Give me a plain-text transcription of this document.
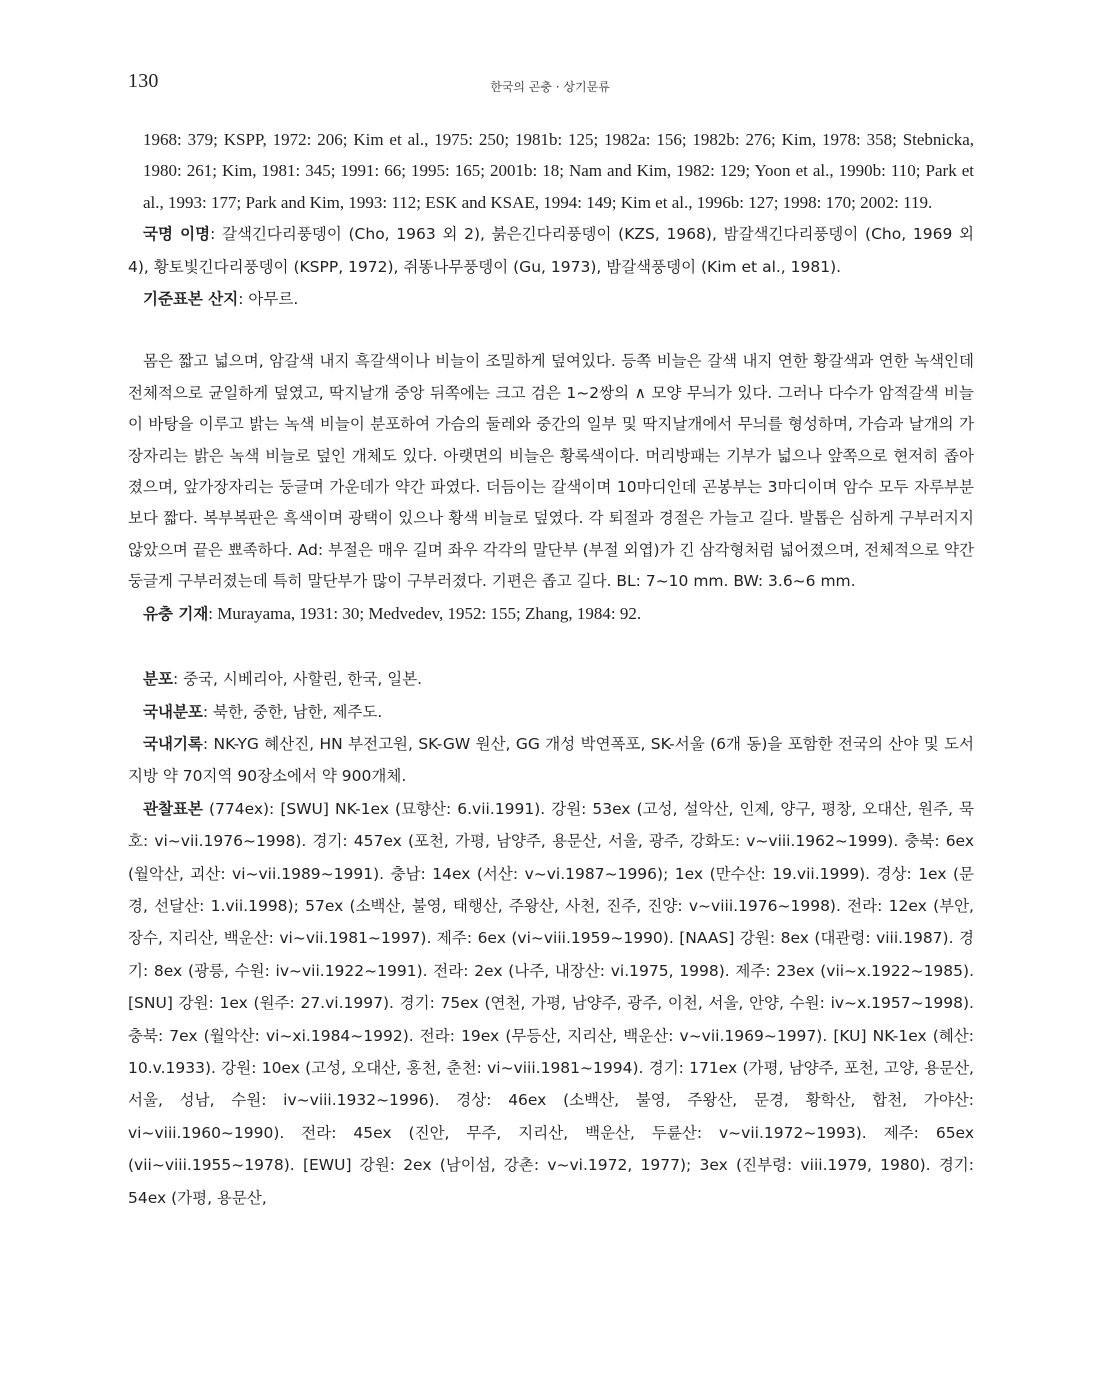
130	한국의 곤충 · 상기문류

1968: 379; KSPP, 1972: 206; Kim et al., 1975: 250; 1981b: 125; 1982a: 156; 1982b: 276; Kim, 1978: 358; Stebnicka, 1980: 261; Kim, 1981: 345; 1991: 66; 1995: 165; 2001b: 18; Nam and Kim, 1982: 129; Yoon et al., 1990b: 110; Park et al., 1993: 177; Park and Kim, 1993: 112; ESK and KSAE, 1994: 149; Kim et al., 1996b: 127; 1998: 170; 2002: 119.

국명 이명: 갈색긴다리풍뎅이 (Cho, 1963 외 2), 붉은긴다리풍뎅이 (KZS, 1968), 밤갈색긴다리풍뎅이 (Cho, 1969 외 4), 황토빛긴다리풍뎅이 (KSPP, 1972), 쥐똥나무풍뎅이 (Gu, 1973), 밤갈색풍뎅이 (Kim et al., 1981).

기준표본 산지: 아무르.

몸은 짧고 넓으며, 암갈색 내지 흑갈색이나 비늘이 조밀하게 덮여있다. 등쪽 비늘은 갈색 내지 연한 황갈색과 연한 녹색인데 전체적으로 균일하게 덮였고, 딱지날개 중앙 뒤쪽에는 크고 검은 1~2쌍의 ∧ 모양 무늬가 있다. 그러나 다수가 암적갈색 비늘이 바탕을 이루고 밝는 녹색 비늘이 분포하여 가슴의 둘레와 중간의 일부 및 딱지날개에서 무늬를 형성하며, 가슴과 날개의 가장자리는 밝은 녹색 비늘로 덮인 개체도 있다. 아랫면의 비늘은 황록색이다. 머리방패는 기부가 넓으나 앞쪽으로 현저히 좁아졌으며, 앞가장자리는 둥글며 가운데가 약간 파였다. 더듬이는 갈색이며 10마디인데 곤봉부는 3마디이며 암수 모두 자루부분보다 짧다. 복부복판은 흑색이며 광택이 있으나 황색 비늘로 덮였다. 각 퇴절과 경절은 가늘고 길다. 발톱은 심하게 구부러지지 않았으며 끝은 뾰족하다. Ad: 부절은 매우 길며 좌우 각각의 말단부 (부절 외엽)가 긴 삼각형처럼 넓어졌으며, 전체적으로 약간 둥글게 구부러졌는데 특히 말단부가 많이 구부러졌다. 기편은 좁고 길다. BL: 7~10 mm. BW: 3.6~6 mm.

유충 기재: Murayama, 1931: 30; Medvedev, 1952: 155; Zhang, 1984: 92.

분포: 중국, 시베리아, 사할린, 한국, 일본.

국내분포: 북한, 중한, 남한, 제주도.

국내기록: NK-YG 혜산진, HN 부전고원, SK-GW 원산, GG 개성 박연폭포, SK-서울 (6개 동)을 포함한 전국의 산야 및 도서지방 약 70지역 90장소에서 약 900개체.

관찰표본 (774ex): [SWU] NK-1ex (묘향산: 6.vii.1991). 강원: 53ex (고성, 설악산, 인제, 양구, 평창, 오대산, 원주, 묵호: vi~vii.1976~1998). 경기: 457ex (포천, 가평, 남양주, 용문산, 서울, 광주, 강화도: v~viii.1962~1999). 충북: 6ex (월악산, 괴산: vi~vii.1989~1991). 충남: 14ex (서산: v~vi.1987~1996); 1ex (만수산: 19.vii.1999). 경상: 1ex (문경, 선달산: 1.vii.1998); 57ex (소백산, 불영, 태행산, 주왕산, 사천, 진주, 진양: v~viii.1976~1998). 전라: 12ex (부안, 장수, 지리산, 백운산: vi~vii.1981~1997). 제주: 6ex (vi~viii.1959~1990). [NAAS] 강원: 8ex (대관령: viii.1987). 경기: 8ex (광릉, 수원: iv~vii.1922~1991). 전라: 2ex (나주, 내장산: vi.1975, 1998). 제주: 23ex (vii~x.1922~1985). [SNU] 강원: 1ex (원주: 27.vi.1997). 경기: 75ex (연천, 가평, 남양주, 광주, 이천, 서울, 안양, 수원: iv~x.1957~1998). 충북: 7ex (월악산: vi~xi.1984~1992). 전라: 19ex (무등산, 지리산, 백운산: v~vii.1969~1997). [KU] NK-1ex (혜산: 10.v.1933). 강원: 10ex (고성, 오대산, 홍천, 춘천: vi~viii.1981~1994). 경기: 171ex (가평, 남양주, 포천, 고양, 용문산, 서울, 성남, 수원: iv~viii.1932~1996). 경상: 46ex (소백산, 불영, 주왕산, 문경, 황학산, 합천, 가야산: vi~viii.1960~1990). 전라: 45ex (진안, 무주, 지리산, 백운산, 두륜산: v~vii.1972~1993). 제주: 65ex (vii~viii.1955~1978). [EWU] 강원: 2ex (남이섬, 강촌: v~vi.1972, 1977); 3ex (진부령: viii.1979, 1980). 경기: 54ex (가평, 용문산,
